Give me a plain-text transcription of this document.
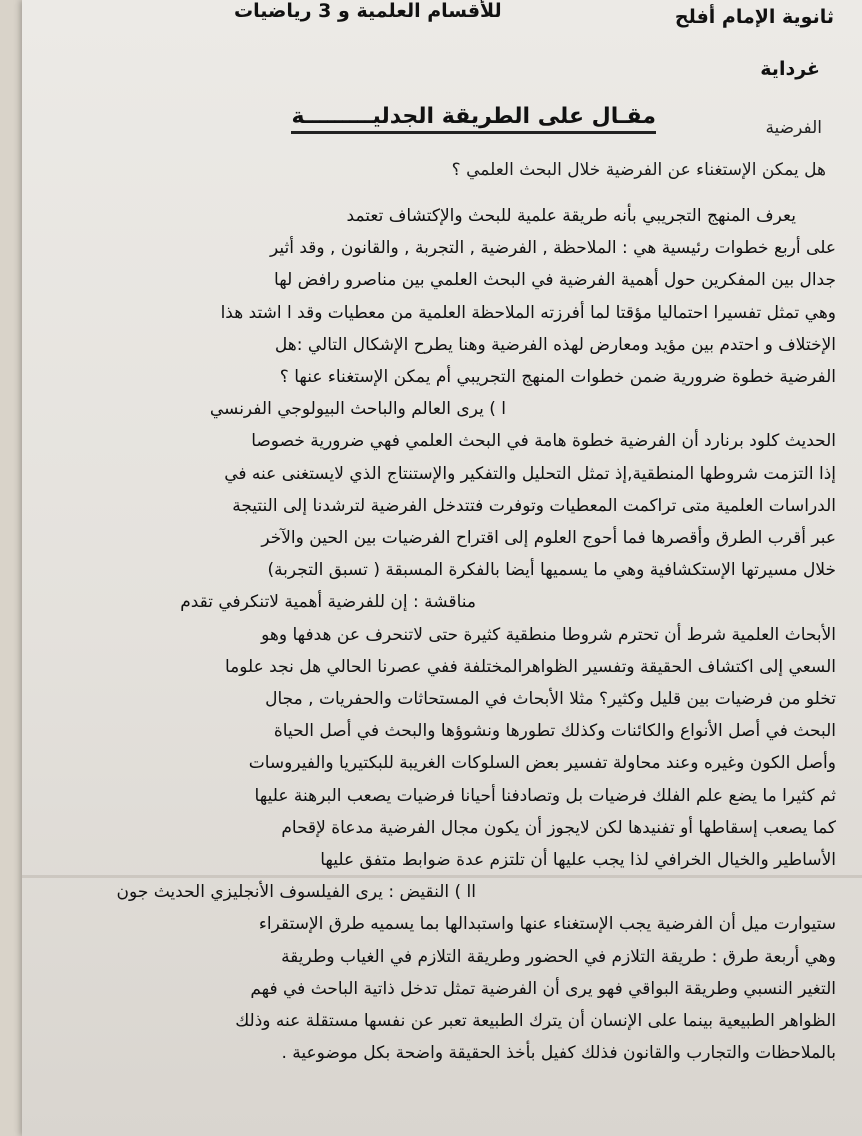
ثانوية الإمام أفلح
للأقسام العلمية و 3 رياضيات
غرداية
الفرضية
مقـال على الطريقة الجدليـــــــــة
هل يمكن الإستغناء عن الفرضية خلال البحث العلمي ؟
يعرف المنهج التجريبي بأنه طريقة علمية للبحث والإكتشاف تعتمد
على أربع خطوات رئيسية هي : الملاحظة , الفرضية , التجربة , والقانون , وقد أثير
جدال بين المفكرين حول أهمية الفرضية في البحث العلمي بين مناصرو رافض لها
وهي تمثل تفسيرا احتماليا مؤقتا لما أفرزته الملاحظة العلمية من معطيات وقد ا اشتد هذا
الإختلاف و احتدم بين مؤيد ومعارض لهذه الفرضية وهنا يطرح الإشكال التالي :هل
الفرضية خطوة ضرورية ضمن خطوات المنهج التجريبي أم يمكن الإستغناء عنها ؟
ا ) يرى العالم والباحث البيولوجي الفرنسي
الحديث كلود برنارد أن الفرضية خطوة هامة في البحث العلمي فهي ضرورية خصوصا
إذا التزمت شروطها المنطقية,إذ تمثل التحليل والتفكير والإستنتاج الذي لايستغنى عنه في
الدراسات العلمية متى تراكمت المعطيات وتوفرت فتتدخل الفرضية لترشدنا إلى النتيجة
عبر أقرب الطرق وأقصرها فما أحوج العلوم إلى اقتراح الفرضيات بين الحين والآخر
خلال مسيرتها الإستكشافية وهي ما يسميها أيضا بالفكرة المسبقة ( تسبق التجربة)
مناقشة : إن للفرضية أهمية لاتنكرفي تقدم
الأبحاث العلمية شرط أن تحترم شروطا منطقية كثيرة حتى لاتنحرف عن هدفها وهو
السعي إلى اكتشاف الحقيقة وتفسير الظواهرالمختلفة ففي عصرنا الحالي هل نجد علوما
تخلو من فرضيات بين قليل وكثير؟ مثلا الأبحاث في المستحاثات والحفريات , مجال
البحث في أصل الأنواع والكائنات وكذلك تطورها ونشوؤها والبحث في أصل الحياة
وأصل الكون وغيره وعند محاولة تفسير بعض السلوكات الغريبة للبكتيريا والفيروسات
ثم كثيرا ما يضع علم الفلك فرضيات بل وتصادفنا أحيانا فرضيات يصعب البرهنة عليها
كما يصعب إسقاطها أو تفنيدها لكن لايجوز أن يكون مجال الفرضية مدعاة لإقحام
الأساطير والخيال الخرافي لذا يجب عليها أن تلتزم عدة ضوابط متفق عليها
اا ) النقيض : يرى الفيلسوف الأنجليزي الحديث جون
ستيوارت ميل أن الفرضية يجب الإستغناء عنها واستبدالها بما يسميه طرق الإستقراء
وهي أربعة طرق : طريقة التلازم في الحضور وطريقة التلازم في الغياب وطريقة
التغير النسبي وطريقة البواقي فهو يرى أن الفرضية تمثل تدخل ذاتية الباحث في فهم
الظواهر الطبيعية بينما على الإنسان أن يترك الطبيعة تعبر عن نفسها مستقلة عنه وذلك
بالملاحظات والتجارب والقانون فذلك كفيل بأخذ الحقيقة واضحة بكل موضوعية .
